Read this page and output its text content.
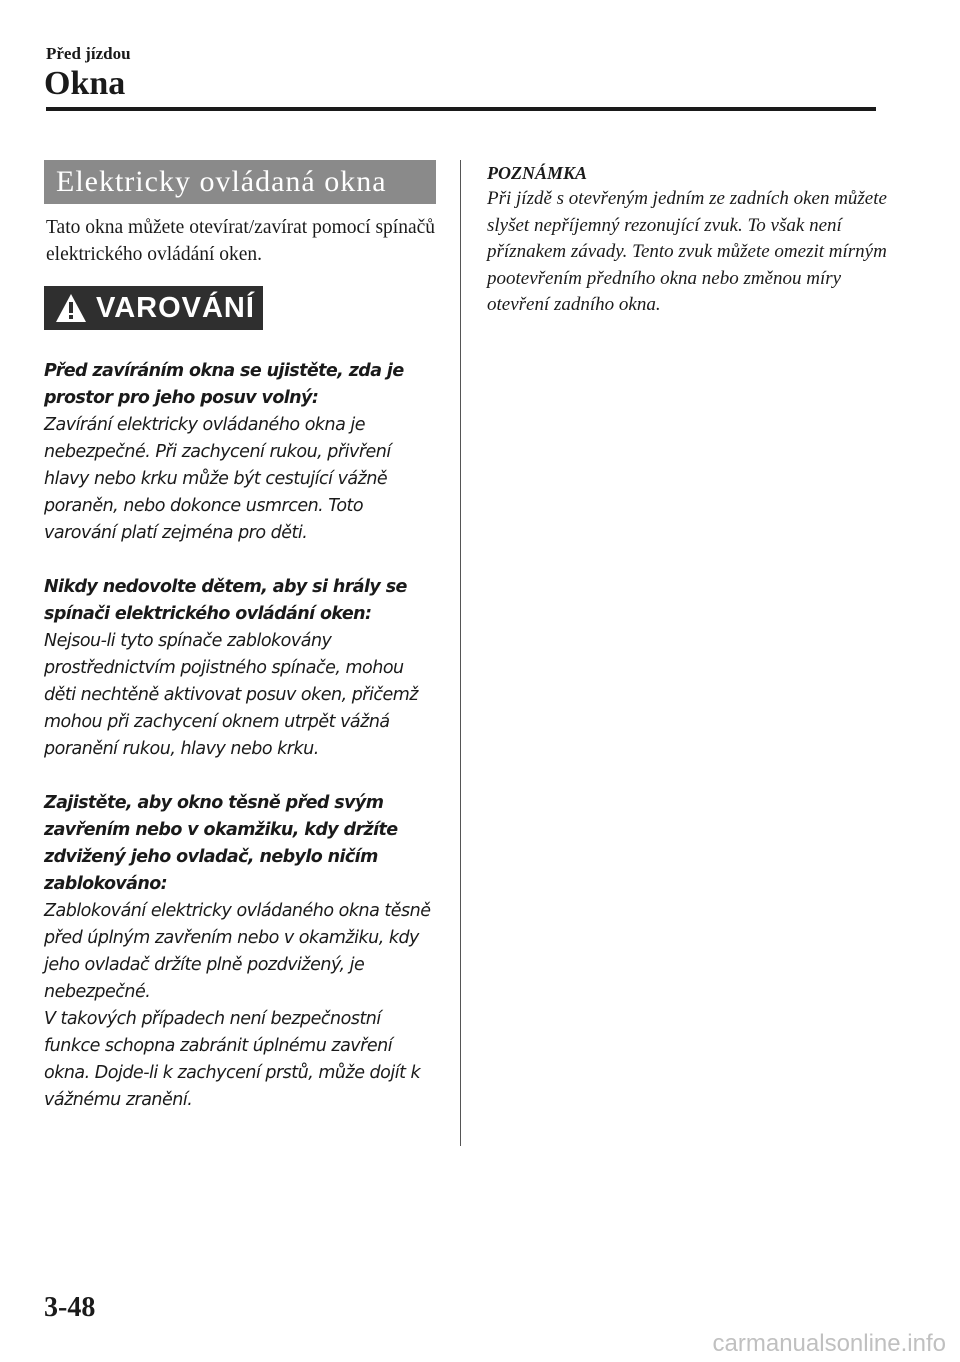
Před jízdou
Okna
Elektricky ovládaná okna
Tato okna můžete otevírat/zavírat pomocí spínačů elektrického ovládání oken.
VAROVÁNÍ
Před zavíráním okna se ujistěte, zda je prostor pro jeho posuv volný:
Zavírání elektricky ovládaného okna je nebezpečné. Při zachycení rukou, přivření hlavy nebo krku může být cestující vážně poraněn, nebo dokonce usmrcen. Toto varování platí zejména pro děti.
Nikdy nedovolte dětem, aby si hrály se spínači elektrického ovládání oken:
Nejsou-li tyto spínače zablokovány prostřednictvím pojistného spínače, mohou děti nechtěně aktivovat posuv oken, přičemž mohou při zachycení oknem utrpět vážná poranění rukou, hlavy nebo krku.
Zajistěte, aby okno těsně před svým zavřením nebo v okamžiku, kdy držíte zdvižený jeho ovladač, nebylo ničím zablokováno:
Zablokování elektricky ovládaného okna těsně před úplným zavřením nebo v okamžiku, kdy jeho ovladač držíte plně pozdvižený, je nebezpečné.
V takových případech není bezpečnostní funkce schopna zabránit úplnému zavření okna. Dojde-li k zachycení prstů, může dojít k vážnému zranění.
POZNÁMKA
Při jízdě s otevřeným jedním ze zadních oken můžete slyšet nepříjemný rezonující zvuk. To však není příznakem závady. Tento zvuk můžete omezit mírným pootevřením předního okna nebo změnou míry otevření zadního okna.
3-48
carmanualsonline.info
